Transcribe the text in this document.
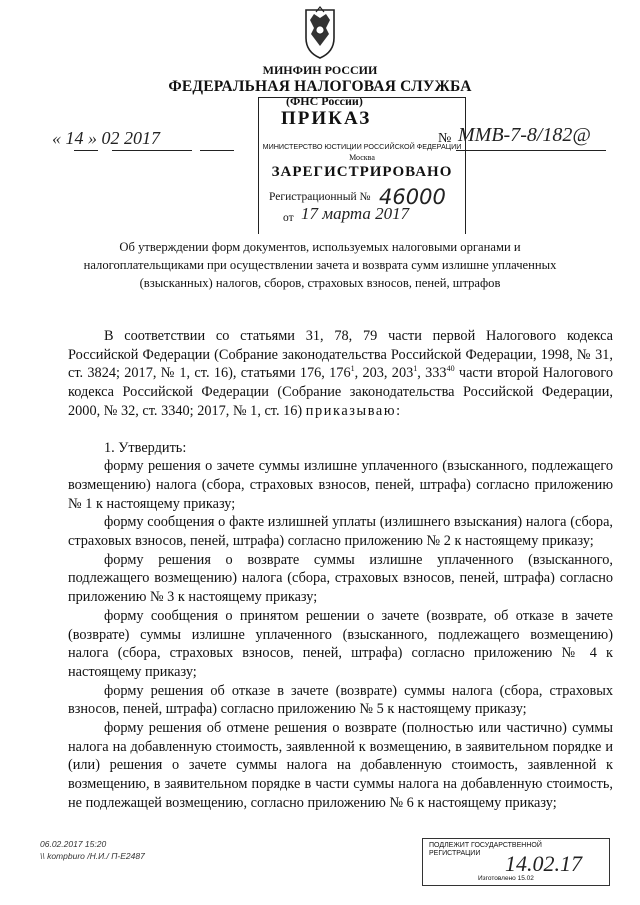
МИНФИН РОССИИ
ФЕДЕРАЛЬНАЯ НАЛОГОВАЯ СЛУЖБА
(ФНС России)
ПРИКАЗ
МИНИСТЕРСТВО ЮСТИЦИИ РОССИЙСКОЙ ФЕДЕРАЦИИ
Москва
ЗАРЕГИСТРИРОВАНО
Регистрационный № 46000
от 17 марта 2017
« 14 » 02 2017	№ ММВ-7-8/182@
Об утверждении форм документов, используемых налоговыми органами и налогоплательщиками при осуществлении зачета и возврата сумм излишне уплаченных (взысканных) налогов, сборов, страховых взносов, пеней, штрафов

В соответствии со статьями 31, 78, 79 части первой Налогового кодекса Российской Федерации (Собрание законодательства Российской Федерации, 1998, № 31, ст. 3824; 2017, № 1, ст. 16), статьями 176, $176^1$, 203, $203^1$, $333^{40}$ части второй Налогового кодекса Российской Федерации (Собрание законодательства Российской Федерации, 2000, № 32, ст. 3340; 2017, № 1, ст. 16) приказываю:

1. Утвердить:

форму решения о зачете суммы излишне уплаченного (взысканного, подлежащего возмещению) налога (сбора, страховых взносов, пеней, штрафа) согласно приложению № 1 к настоящему приказу;

форму сообщения о факте излишней уплаты (излишнего взыскания) налога (сбора, страховых взносов, пеней, штрафа) согласно приложению № 2 к настоящему приказу;

форму решения о возврате суммы излишне уплаченного (взысканного, подлежащего возмещению) налога (сбора, страховых взносов, пеней, штрафа) согласно приложению № 3 к настоящему приказу;

форму сообщения о принятом решении о зачете (возврате, об отказе в зачете (возврате) суммы излишне уплаченного (взысканного, подлежащего возмещению) налога (сбора, страховых взносов, пеней, штрафа) согласно приложению № 4 к настоящему приказу;

форму решения об отказе в зачете (возврате) суммы налога (сбора, страховых взносов, пеней, штрафа) согласно приложению № 5 к настоящему приказу;

форму решения об отмене решения о возврате (полностью или частично) суммы налога на добавленную стоимость, заявленной к возмещению, в заявительном порядке и (или) решения о зачете суммы налога на добавленную стоимость, заявленной к возмещению, в заявительном порядке в части суммы налога на добавленную стоимость, не подлежащей возмещению, согласно приложению № 6 к настоящему приказу;

06.02.2017 15:20
\\ kompburo /Н.И./ П-E2487
ПОДЛЕЖИТ ГОСУДАРСТВЕННОЙ РЕГИСТРАЦИИ	14.02.17
Изготовлено 15.02
